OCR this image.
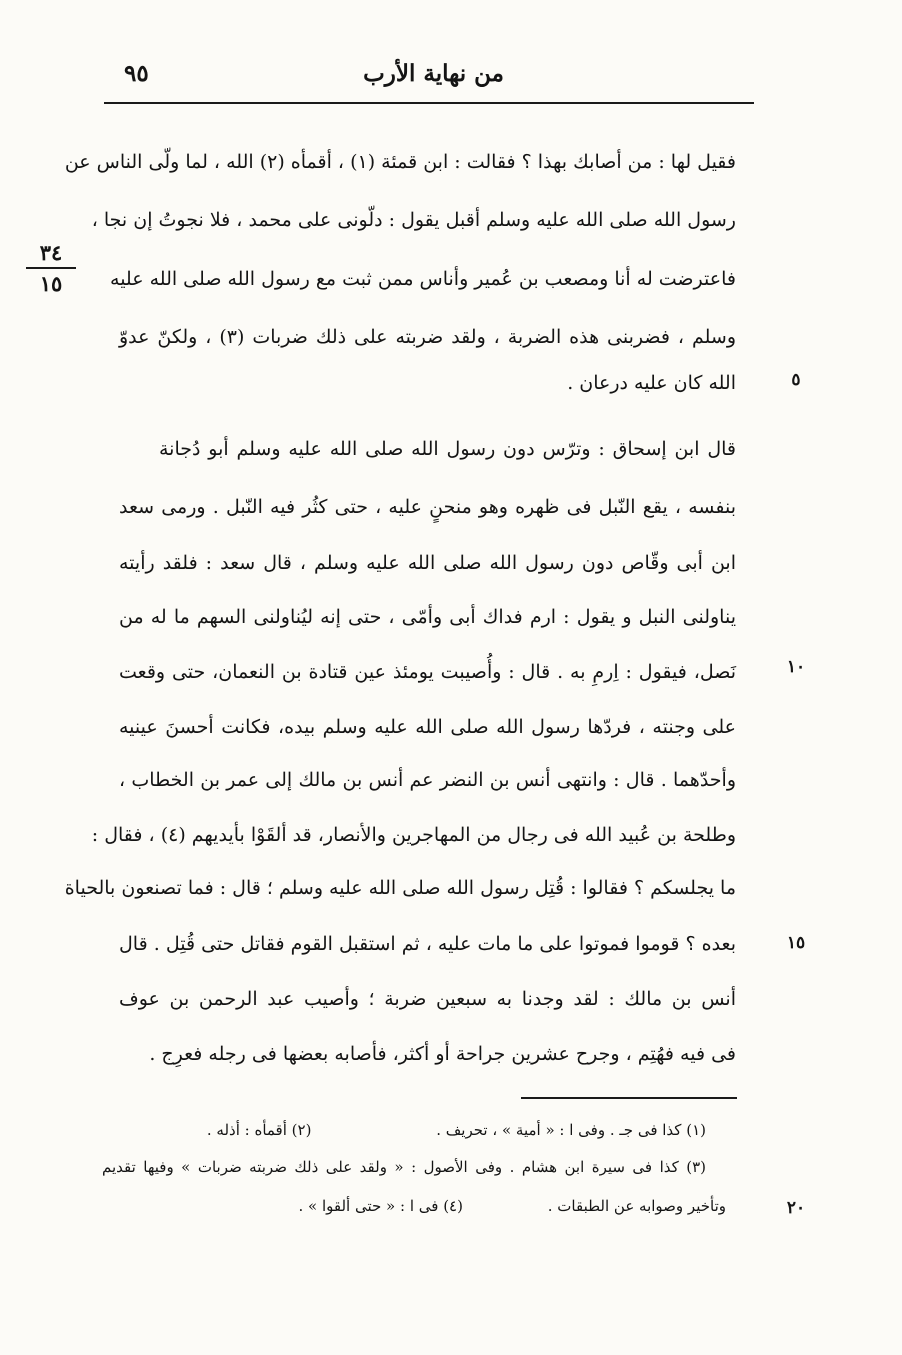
من نهاية الأرب
٩٥
٣٤
١٥
فقيل لها : من أصابك بهذا ؟ فقالت : ابن قمئة (١) ، أقمأه (٢) الله ، لما ولّى الناس عن
رسول الله صلى الله عليه وسلم أقبل يقول : دلّونى على محمد ، فلا نجوتُ إن نجا ،
فاعترضت له أنا ومصعب بن عُمير وأناس ممن ثبت مع رسول الله صلى الله عليه
وسلم ، فضربنى هذه الضربة ، ولقد ضربته على ذلك ضربات (٣) ، ولكنّ عدوّ
الله كان عليه درعان .
قال ابن إسحاق : وترّس دون رسول الله صلى الله عليه وسلم أبو دُجانة
بنفسه ، يقع النّبل فى ظهره وهو منحنٍ عليه ، حتى كثُر فيه النّبل . ورمى سعد
ابن أبى وقّاص دون رسول الله صلى الله عليه وسلم ، قال سعد : فلقد رأيته
يناولنى النبل و يقول : ارم فداك أبى وأمّى ، حتى إنه ليُناولنى السهم ما له من
نَصل، فيقول : اِرمِ به . قال : وأُصيبت يومئذ عين قتادة بن النعمان، حتى وقعت
على وجنته ، فردّها رسول الله صلى الله عليه وسلم بيده، فكانت أحسنَ عينيه
وأحدّهما . قال : وانتهى أنس بن النضر عم أنس بن مالك إلى عمر بن الخطاب ،
وطلحة بن عُبيد الله فى رجال من المهاجرين والأنصار، قد ألقَوْا بأيديهم (٤) ، فقال :
ما يجلسكم ؟ فقالوا : قُتِل رسول الله صلى الله عليه وسلم ؛ قال : فما تصنعون بالحياة
بعده ؟ قوموا فموتوا على ما مات عليه ، ثم استقبل القوم فقاتل حتى قُتِل . قال
أنس بن مالك : لقد وجدنا به سبعين ضربة ؛ وأصيب عبد الرحمن بن عوف
فى فيه فهُتِم ، وجرح عشرين جراحة أو أكثر، فأصابه بعضها فى رجله فعرِج .
٥
١٠
١٥
٢٠
(١) كذا فى جـ . وفى ا : « أمية » ، تحريف . (٢) أقمأه : أذله .
(٣) كذا فى سيرة ابن هشام . وفى الأصول : « ولقد على ذلك ضربته ضربات » وفيها تقديم
وتأخير وصوابه عن الطبقات . (٤) فى ا : « حتى ألقوا » .
